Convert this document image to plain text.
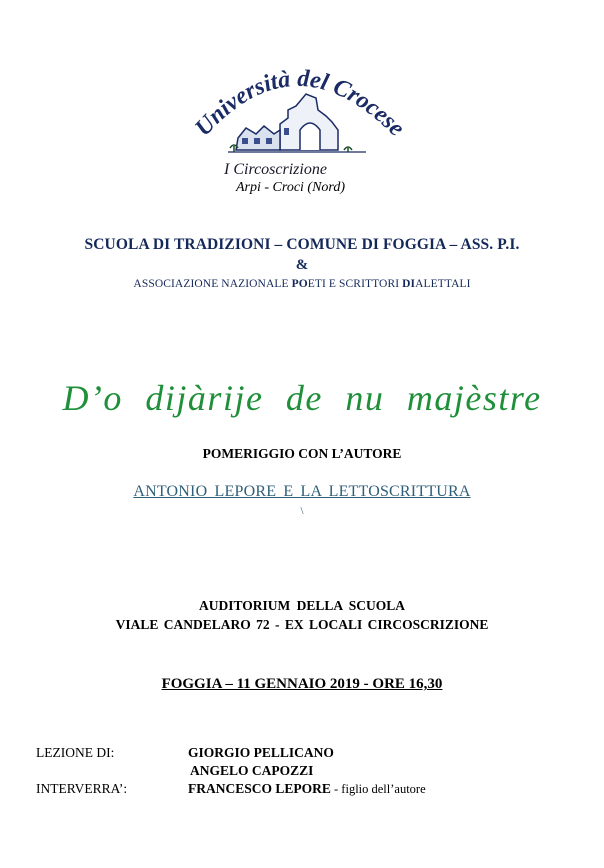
Università del Crocese
I Circoscrizione
Arpi - Croci (Nord)
SCUOLA DI TRADIZIONI – COMUNE DI FOGGIA – ASS. P.I.
&
ASSOCIAZIONE NAZIONALE POETI E SCRITTORI DIALETTALI
D’o dijàrije de nu majèstre
POMERIGGIO CON L’AUTORE
ANTONIO LEPORE E LA LETTOSCRITTURA
\
AUDITORIUM DELLA SCUOLA
VIALE CANDELARO 72 - EX LOCALI CIRCOSCRIZIONE
FOGGIA – 11 GENNAIO 2019 - ORE 16,30
LEZIONE DI:	GIORGIO PELLICANO
ANGELO CAPOZZI
INTERVERRA’:	FRANCESCO LEPORE - figlio dell’autore
